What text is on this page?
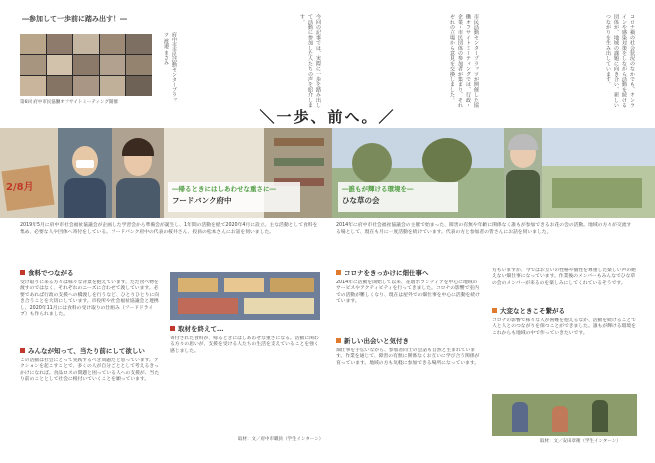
―参加して一歩前に踏み出す！―
第6回 府中市民協働オフサイトミーティング開催
府中市市民活動センタープラッツ 渡邉 まさみ	今回の記事では、実際に一歩を踏み出して活動に参加した人たちの声を紹介します。	市民活動センタープラッツが開催した協働オフサイトミーティングでは、行政・企業・市民団体の参加者が集まり、それぞれの立場から意見を交換しました。	コロナ禍の社会状況のなかでも、オンラインや感染対策をしながら活動を続ける団体が、地域の課題に向き合い、新しいつながりを生み出しています。
＼一歩、前へ。／
2/8月	―帰るときにはしあわせな重さに―
フードバンク府中
―誰もが輝ける環境を―
ひな草の会
2019年5月に府中市社会福祉協議会が企画した学習会から準備会が誕生し、1年間の活動を経て2020年4月に設立。主な活動として食料を集め、必要な人や団体へ寄付をしている。フードバンク府中の代表の桜井さん、役員の松本さんにお話を伺いました。
2014年に府中市社会福祉協議会の主催で始まった、障害の有無や年齢に関係なく誰もが参加できるお花の会の活動。地域の方々が交流する場として、現在も月に一度活動を続けています。代表の方と参加者の皆さんにお話を伺いました。
食料でつながる
受け取りに来る方々は様々な背景を抱えています。ただ食べ物を渡すのではなく、それぞれのニーズに合わせて渡しています。必要であれば行政の支援への橋渡しを行うなど、ひとりひとりに向き合うことを大切にしています。市役所や社会福祉協議会と連携し、2020年11月には食料の受け取りの仕組み（フードドライブ）も作られました。
みんなが知って、当たり前にして欲しい
この活動は社会にとって実践するべき問題だと思っています。アクションを起こすことで、多くの人が自分ごととして考えるきっかけになれば。食品ロスの問題と困っている人への支援が、当たり前のこととして社会に根付いていくことを願っています。
取材を終えて…
寄付された食料が、帰るときにはしあわせな重さになる。活動に関わる方々の思いが、支援を受ける人たちの生活を支えていることを強く感じました。
取材：文／府中市職員（学生インターン）
コロナをきっかけに畑仕事へ
2014年に活動を開始して以来、花壇ボランティアを中心に地域のサービスやアクティビティを行ってきました。コロナの影響で室内での活動が難しくなり、現在は屋外での畑仕事を中心に活動を続けています。
新しい出会いと気付き
畑仕事を手伝いながら、参加者同士の会話も自然と生まれています。作業を通じて、障害の有無に関係なくお互いに学び合う関係が育っています。地域の方も気軽に参加できる場所になっています。
方もいますが、今ではお互いの性格や個性を尊重した楽しい声の絶えない畑仕事になっています。作業後のメンバーもみんなでひな草の会のメンバーが来るのを楽しみにしてくれているそうです。
大変なときこそ繋がる
コロナの影響で様々な人が困難を抱えるなか、活動を続けることで人と人とのつながりを保つことができました。誰もが輝ける環境をこれからも地域の中で作っていきたいです。
取材：文／安田章衛（学生インターン）
